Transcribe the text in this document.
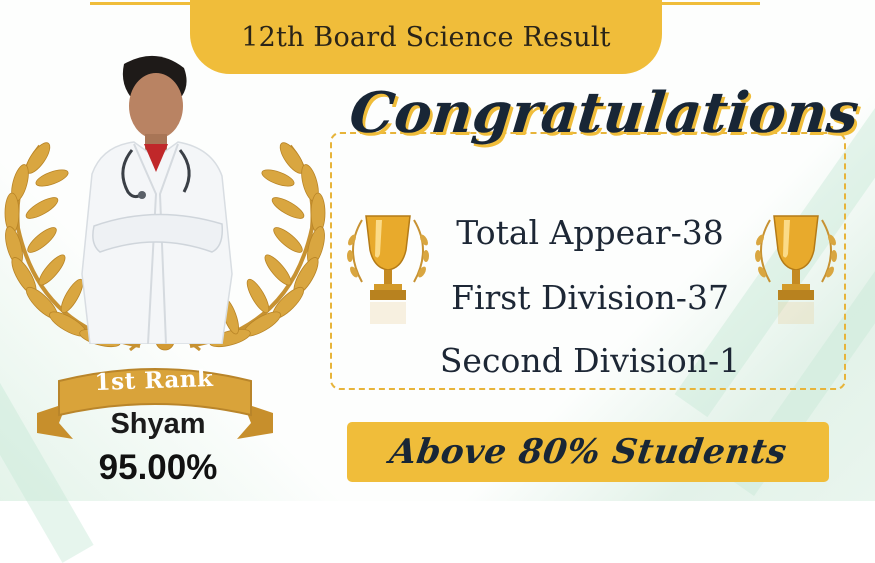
12th Board Science Result
1st Rank
Shyam
95.00%
Congratulations
Total Appear-38
First Division-37
Second Division-1
Above 80% Students
